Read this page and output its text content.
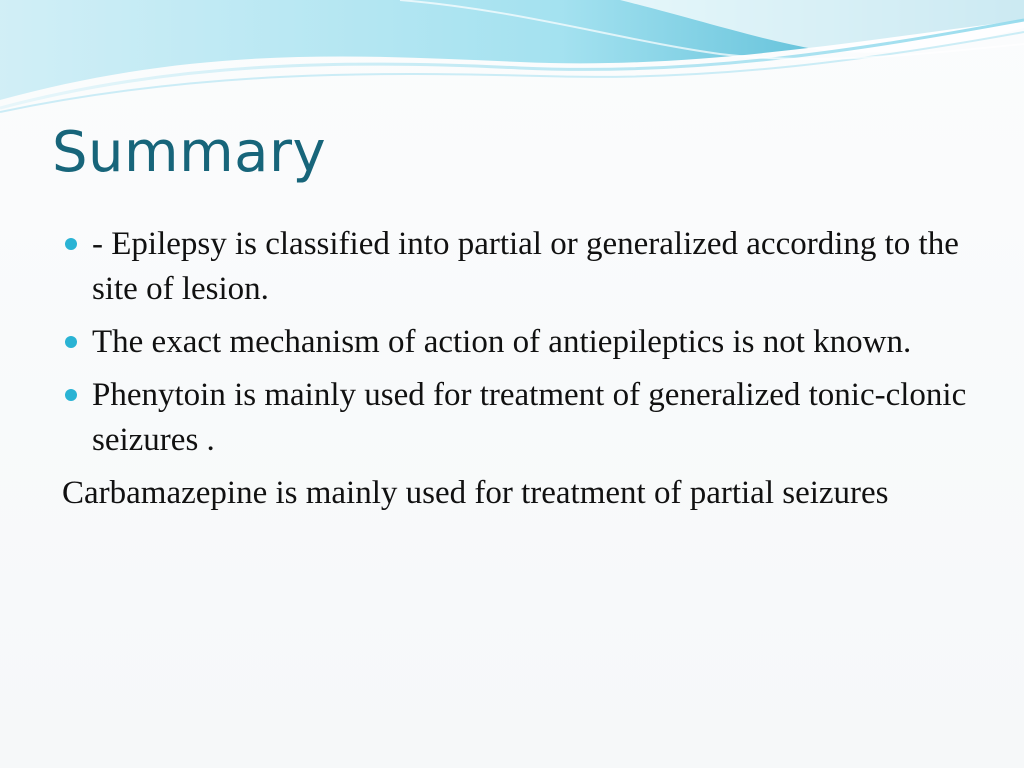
Summary
- Epilepsy is classified into partial or generalized according to the site of lesion.
The exact mechanism of action of antiepileptics is not known.
Phenytoin is mainly used for treatment of generalized tonic-clonic seizures .
Carbamazepine is mainly used for treatment of partial seizures
